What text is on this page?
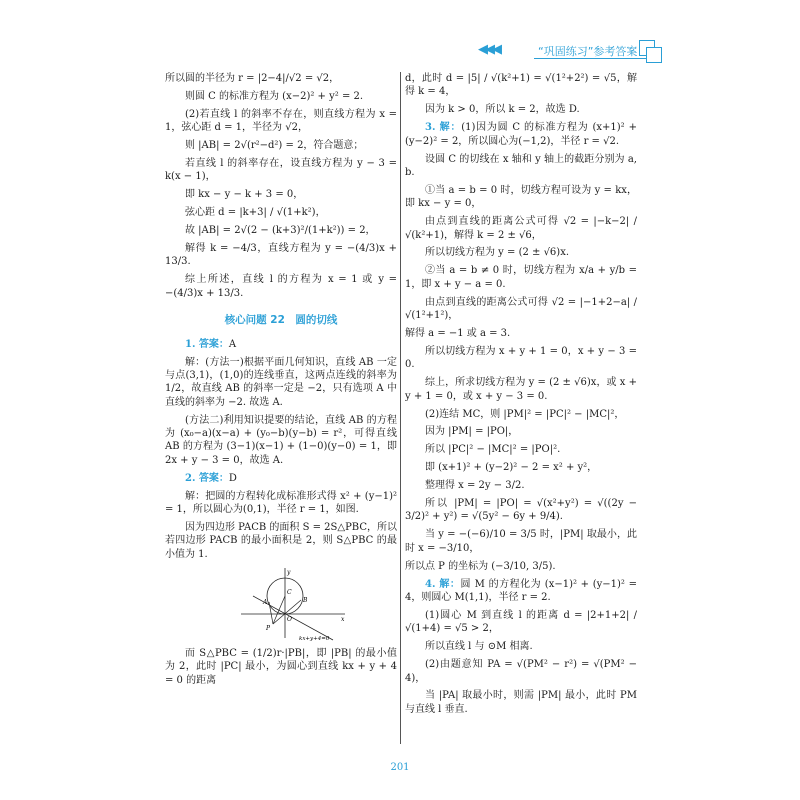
◀◀◀	“巩固练习”参考答案

所以圆的半径为 r = |2−4|/√2 = √2，

则圆 C 的标准方程为 (x−2)² + y² = 2.

(2)若直线 l 的斜率不存在，则直线方程为 x = 1，弦心距 d = 1，半径为 √2，

则 |AB| = 2√(r²−d²) = 2，符合题意；

若直线 l 的斜率存在，设直线方程为 y − 3 = k(x − 1)，

即 kx − y − k + 3 = 0，

弦心距 d = |k+3| / √(1+k²)，

故 |AB| = 2√(2 − (k+3)²/(1+k²)) = 2，

解得 k = −4/3，直线方程为 y = −(4/3)x + 13/3.

综上所述，直线 l 的方程为 x = 1 或 y = −(4/3)x + 13/3.

核心问题 22　圆的切线

1. 答案：A

解：(方法一)根据平面几何知识，直线 AB 一定与点(3,1)，(1,0)的连线垂直，这两点连线的斜率为 1/2，故直线 AB 的斜率一定是 −2，只有选项 A 中直线的斜率为 −2. 故选 A.

(方法二)利用知识提要的结论，直线 AB 的方程为 (x₀−a)(x−a) + (y₀−b)(y−b) = r²，可得直线 AB 的方程为 (3−1)(x−1) + (1−0)(y−0) = 1，即 2x + y − 3 = 0，故选 A.

2. 答案：D

解：把圆的方程转化成标准形式得 x² + (y−1)² = 1，所以圆心为(0,1)，半径 r = 1，如图.

因为四边形 PACB 的面积 S = 2S△PBC，所以若四边形 PACB 的最小面积是 2，则 S△PBC 的最小值为 1.

y
x
O
C
A	B
P
kx+y+4=0

而 S△PBC = (1/2)r·|PB|，即 |PB| 的最小值为 2，此时 |PC| 最小，为圆心到直线 kx + y + 4 = 0 的距离

d，此时 d = |5| / √(k²+1) = √(1²+2²) = √5，解得 k = 4，

因为 k > 0，所以 k = 2，故选 D.

3. 解：(1)因为圆 C 的标准方程为 (x+1)² + (y−2)² = 2，所以圆心为(−1,2)，半径 r = √2.

设圆 C 的切线在 x 轴和 y 轴上的截距分别为 a, b.

①当 a = b = 0 时，切线方程可设为 y = kx，即 kx − y = 0，

由点到直线的距离公式可得 √2 = |−k−2| / √(k²+1)，解得 k = 2 ± √6，

所以切线方程为 y = (2 ± √6)x.

②当 a = b ≠ 0 时，切线方程为 x/a + y/b = 1，即 x + y − a = 0.

由点到直线的距离公式可得 √2 = |−1+2−a| / √(1²+1²)，

解得 a = −1 或 a = 3.

所以切线方程为 x + y + 1 = 0，x + y − 3 = 0.

综上，所求切线方程为 y = (2 ± √6)x，或 x + y + 1 = 0，或 x + y − 3 = 0.

(2)连结 MC，则 |PM|² = |PC|² − |MC|²，

因为 |PM| = |PO|，

所以 |PC|² − |MC|² = |PO|².

即 (x+1)² + (y−2)² − 2 = x² + y²，

整理得 x = 2y − 3/2.

所以 |PM| = |PO| = √(x²+y²) = √((2y − 3/2)² + y²) = √(5y² − 6y + 9/4).

当 y = −(−6)/10 = 3/5 时，|PM| 取最小，此时 x = −3/10，

所以点 P 的坐标为 (−3/10, 3/5).

4. 解：圆 M 的方程化为 (x−1)² + (y−1)² = 4，则圆心 M(1,1)，半径 r = 2.

(1)圆心 M 到直线 l 的距离 d = |2+1+2| / √(1+4) = √5 > 2，

所以直线 l 与 ⊙M 相离.

(2)由题意知 PA = √(PM² − r²) = √(PM² − 4)，

当 |PA| 取最小时，则需 |PM| 最小，此时 PM 与直线 l 垂直.

201
